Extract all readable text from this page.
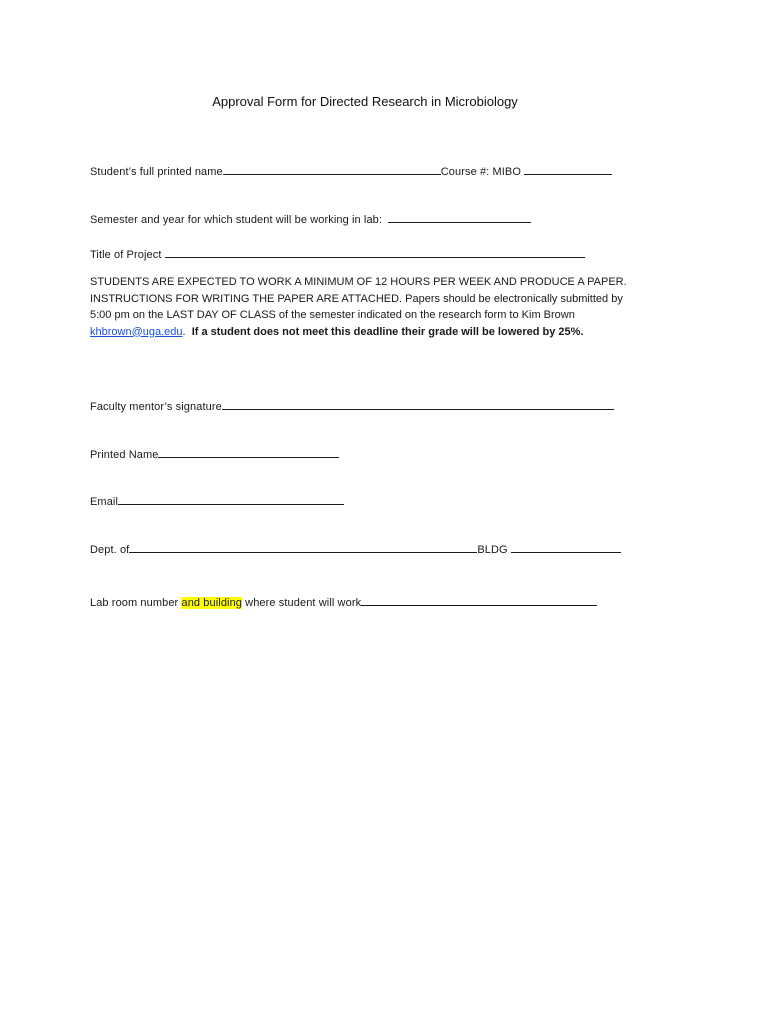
Approval Form for Directed Research in Microbiology
Student’s full printed name	Course #: MIBO
Semester and year for which student will be working in lab:
Title of Project
STUDENTS ARE EXPECTED TO WORK A MINIMUM OF 12 HOURS PER WEEK AND PRODUCE A PAPER.
INSTRUCTIONS FOR WRITING THE PAPER ARE ATTACHED. Papers should be electronically submitted by
5:00 pm on the LAST DAY OF CLASS of the semester indicated on the research form to Kim Brown
khbrown@uga.edu. If a student does not meet this deadline their grade will be lowered by 25%.
Faculty mentor’s signature
Printed Name
Email
Dept. of	BLDG
Lab room number and building where student will work
